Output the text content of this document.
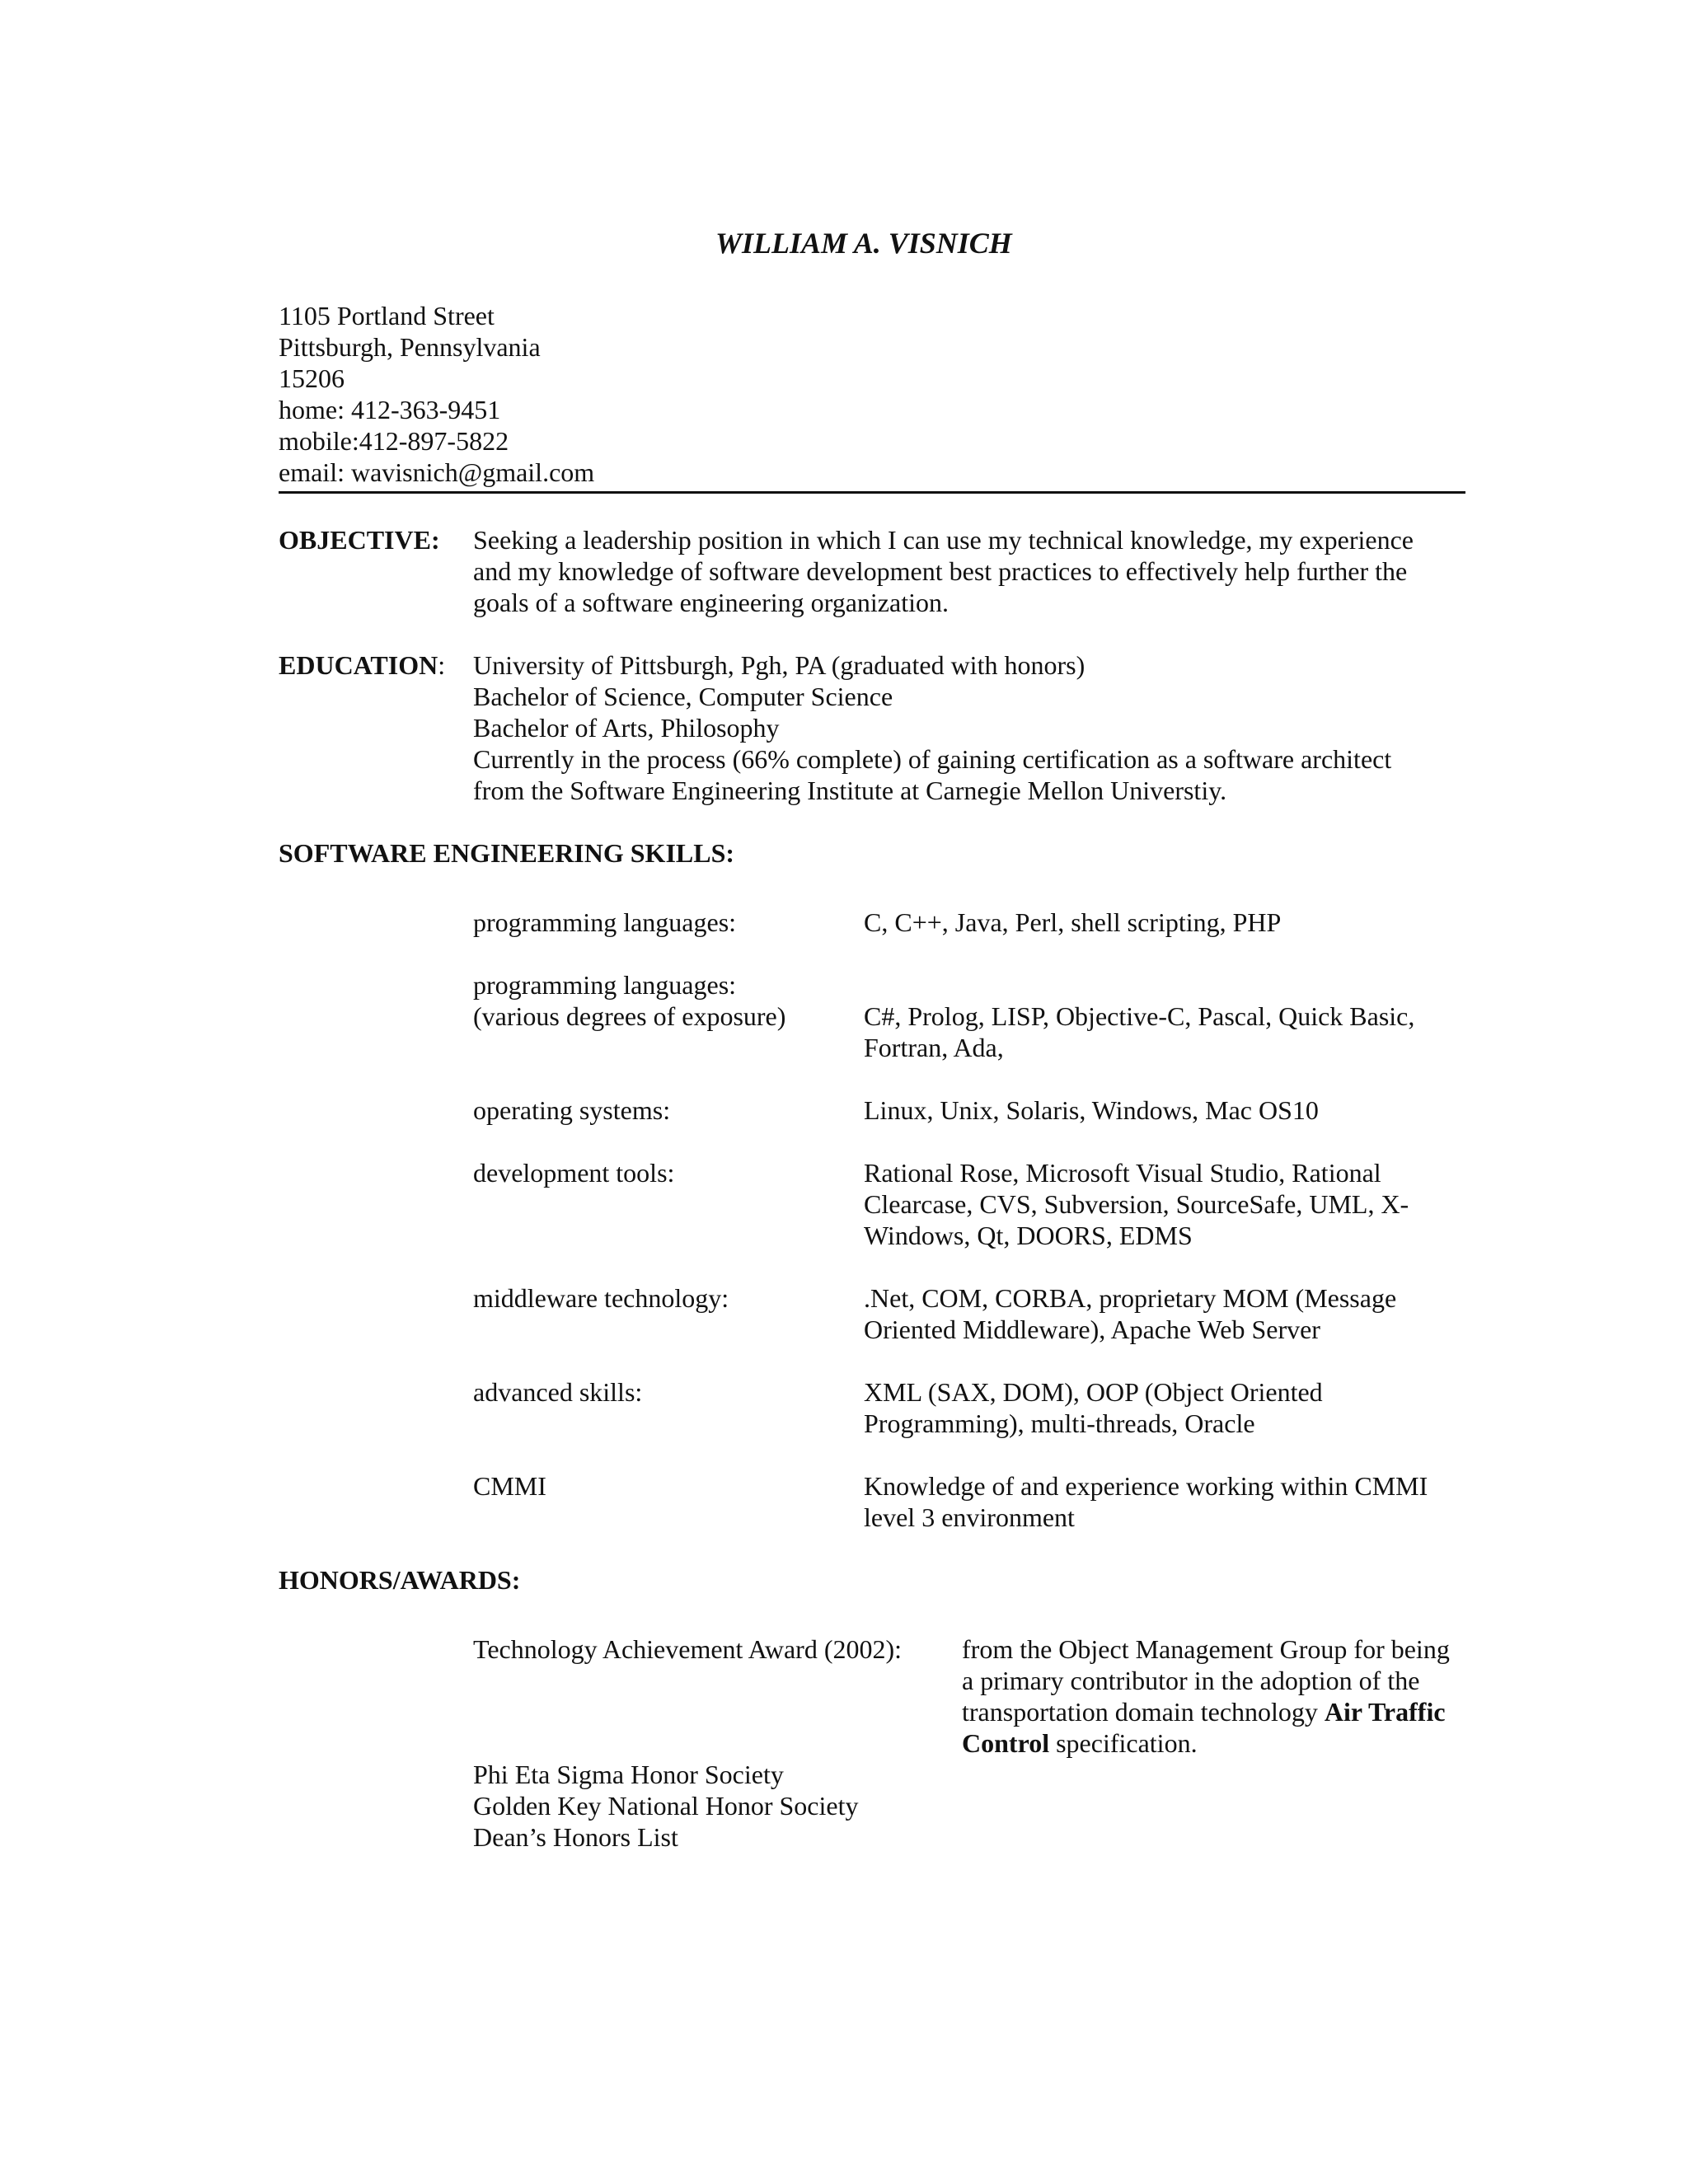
WILLIAM A. VISNICH
1105 Portland Street
Pittsburgh, Pennsylvania
15206
home: 412-363-9451
mobile:412-897-5822
email: wavisnich@gmail.com
OBJECTIVE: Seeking a leadership position in which I can use my technical knowledge, my experience
and my knowledge of software development best practices to effectively help further the
goals of a software engineering organization.
EDUCATION: University of Pittsburgh, Pgh, PA (graduated with honors)
Bachelor of Science, Computer Science
Bachelor of Arts, Philosophy
Currently in the process (66% complete) of gaining certification as a software architect
from the Software Engineering Institute at Carnegie Mellon Universtiy.
SOFTWARE ENGINEERING SKILLS:
programming languages:	C, C++, Java, Perl, shell scripting, PHP
programming languages:
(various degrees of exposure)	C#, Prolog, LISP, Objective-C, Pascal, Quick Basic,
Fortran, Ada,
operating systems:	Linux, Unix, Solaris, Windows, Mac OS10
development tools:	Rational Rose, Microsoft Visual Studio, Rational
Clearcase, CVS, Subversion, SourceSafe, UML, X-
Windows, Qt, DOORS, EDMS
middleware technology:	.Net, COM, CORBA, proprietary MOM (Message
Oriented Middleware), Apache Web Server
advanced skills:	XML (SAX, DOM), OOP (Object Oriented
Programming), multi-threads, Oracle
CMMI	Knowledge of and experience working within CMMI
level 3 environment
HONORS/AWARDS:
Technology Achievement Award (2002): from the Object Management Group for being
a primary contributor in the adoption of the
transportation domain technology Air Traffic
Control specification.
Phi Eta Sigma Honor Society
Golden Key National Honor Society
Dean’s Honors List
